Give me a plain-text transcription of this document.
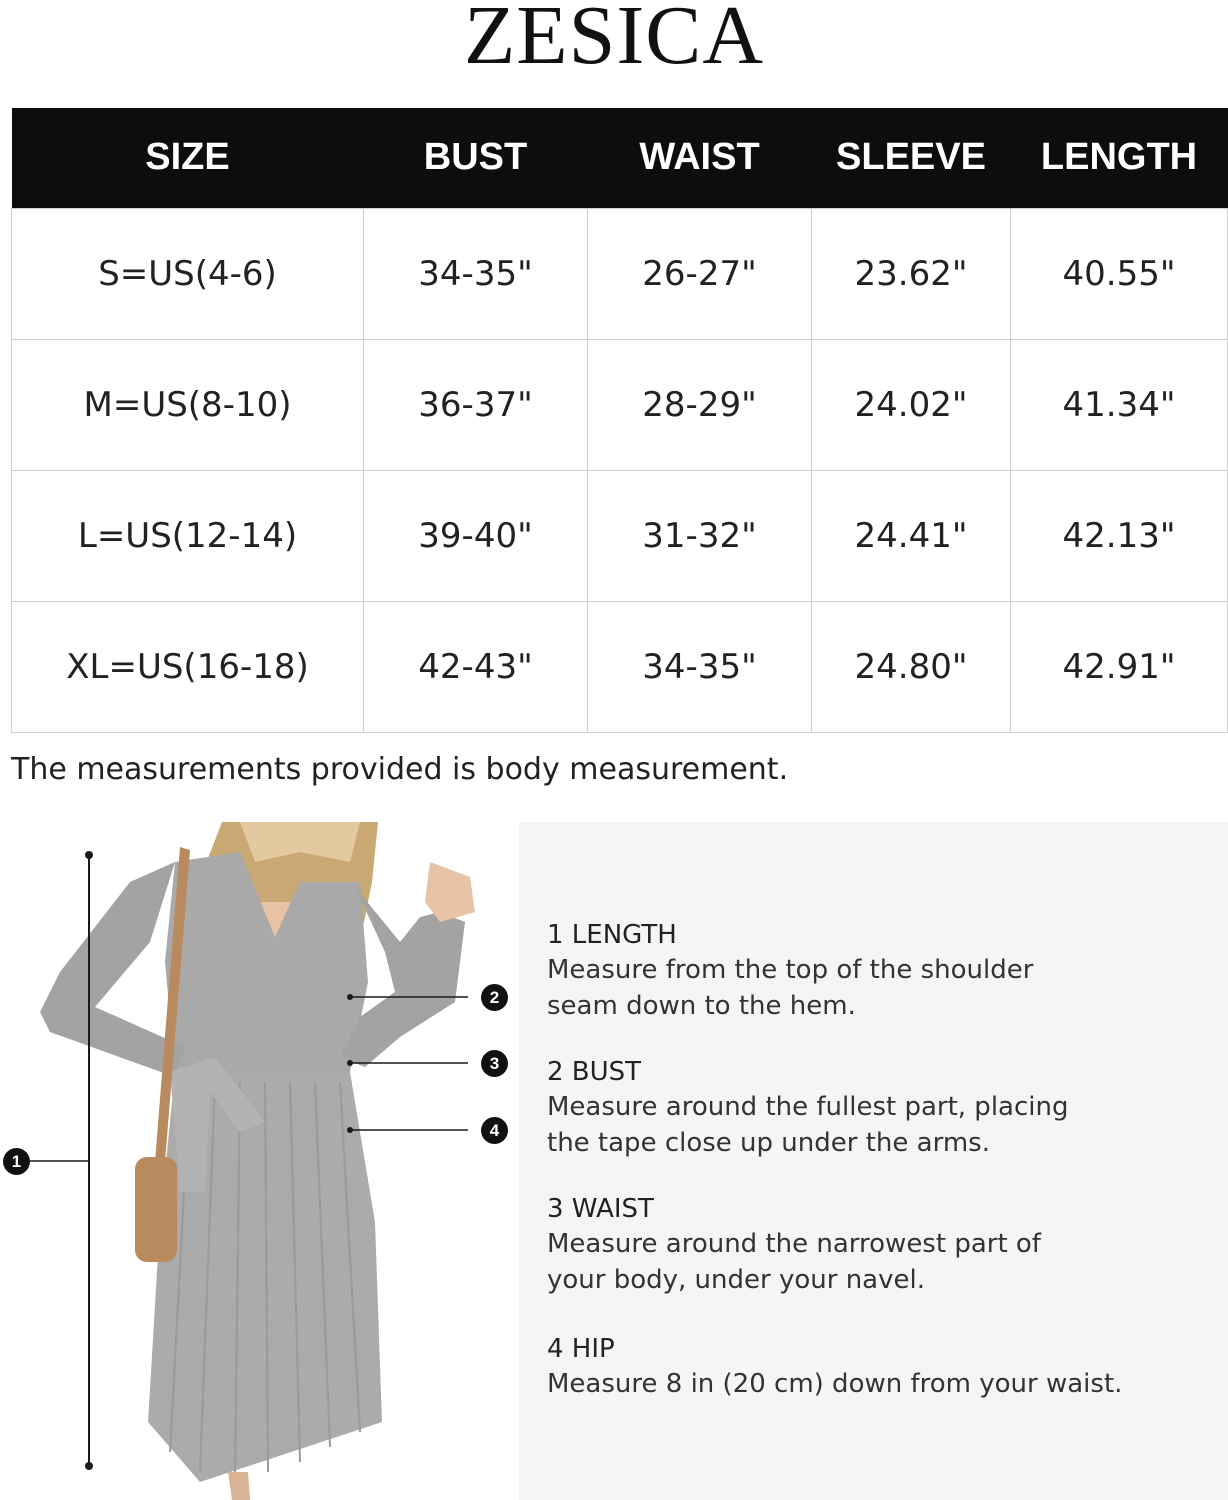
ZESICA
SIZE	BUST	WAIST	SLEEVE	LENGTH
S=US(4-6)	34-35"	26-27"	23.62"	40.55"
M=US(8-10)	36-37"	28-29"	24.02"	41.34"
L=US(12-14)	39-40"	31-32"	24.41"	42.13"
XL=US(16-18)	42-43"	34-35"	24.80"	42.91"
The measurements provided is body measurement.
1
2
3
4
1 LENGTH
Measure from the top of the shoulder
seam down to the hem.
2 BUST
Measure around the fullest part, placing
the tape close up under the arms.
3 WAIST
Measure around the narrowest part of
your body, under your navel.
4 HIP
Measure 8 in (20 cm) down from your waist.
